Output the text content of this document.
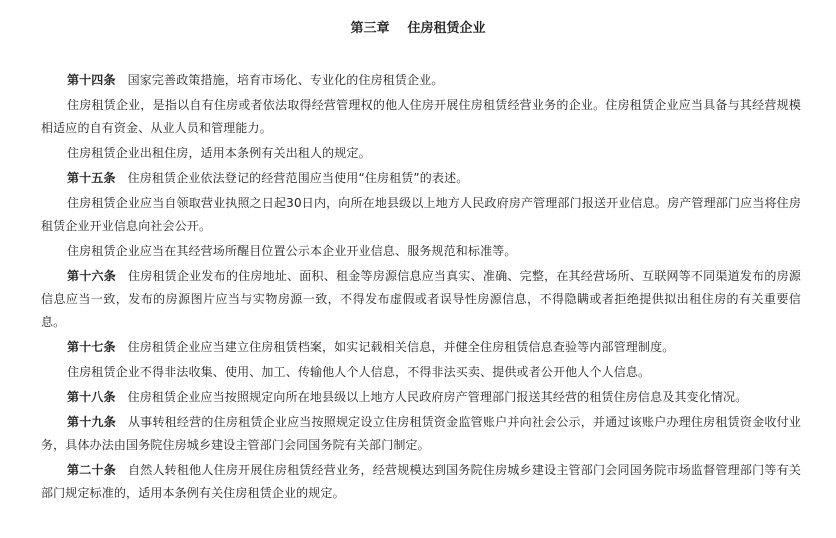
第三章    住房租赁企业

第十四条 国家完善政策措施，培育市场化、专业化的住房租赁企业。

住房租赁企业，是指以自有住房或者依法取得经营管理权的他人住房开展住房租赁经营业务的企业。住房租赁企业应当具备与其经营规模相适应的自有资金、从业人员和管理能力。

住房租赁企业出租住房，适用本条例有关出租人的规定。

第十五条 住房租赁企业依法登记的经营范围应当使用“住房租赁”的表述。

住房租赁企业应当自领取营业执照之日起30日内，向所在地县级以上地方人民政府房产管理部门报送开业信息。房产管理部门应当将住房租赁企业开业信息向社会公开。

住房租赁企业应当在其经营场所醒目位置公示本企业开业信息、服务规范和标准等。

第十六条 住房租赁企业发布的住房地址、面积、租金等房源信息应当真实、准确、完整，在其经营场所、互联网等不同渠道发布的房源信息应当一致，发布的房源图片应当与实物房源一致，不得发布虚假或者误导性房源信息，不得隐瞒或者拒绝提供拟出租住房的有关重要信息。

第十七条 住房租赁企业应当建立住房租赁档案，如实记载相关信息，并健全住房租赁信息查验等内部管理制度。

住房租赁企业不得非法收集、使用、加工、传输他人个人信息，不得非法买卖、提供或者公开他人个人信息。

第十八条 住房租赁企业应当按照规定向所在地县级以上地方人民政府房产管理部门报送其经营的租赁住房信息及其变化情况。

第十九条 从事转租经营的住房租赁企业应当按照规定设立住房租赁资金监管账户并向社会公示，并通过该账户办理住房租赁资金收付业务，具体办法由国务院住房城乡建设主管部门会同国务院有关部门制定。

第二十条 自然人转租他人住房开展住房租赁经营业务，经营规模达到国务院住房城乡建设主管部门会同国务院市场监督管理部门等有关部门规定标准的，适用本条例有关住房租赁企业的规定。
